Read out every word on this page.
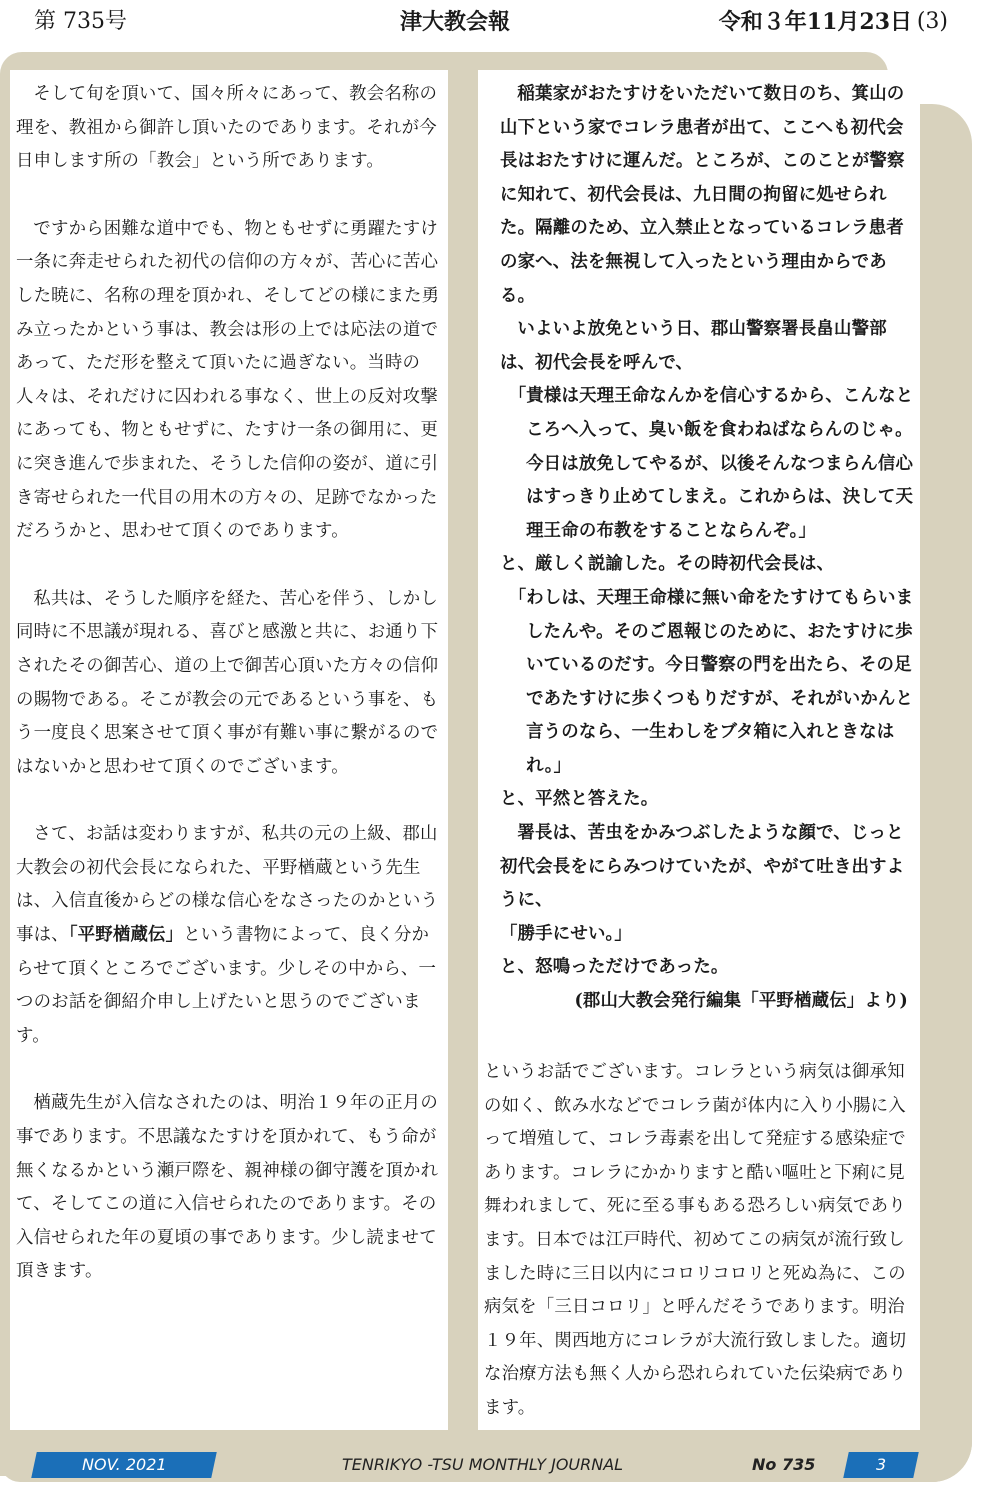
第 735号	津大教会報	令和３年11月23日 (3)

そして旬を頂いて、国々所々にあって、教会名称の理を、教祖から御許し頂いたのであります。それが今日申します所の「教会」という所であります。

ですから困難な道中でも、物ともせずに勇躍たすけ一条に奔走せられた初代の信仰の方々が、苦心に苦心した暁に、名称の理を頂かれ、そしてどの様にまた勇み立ったかという事は、教会は形の上では応法の道であって、ただ形を整えて頂いたに過ぎない。当時の人々は、それだけに囚われる事なく、世上の反対攻撃にあっても、物ともせずに、たすけ一条の御用に、更に突き進んで歩まれた、そうした信仰の姿が、道に引き寄せられた一代目の用木の方々の、足跡でなかっただろうかと、思わせて頂くのであります。

私共は、そうした順序を経た、苦心を伴う、しかし同時に不思議が現れる、喜びと感激と共に、お通り下されたその御苦心、道の上で御苦心頂いた方々の信仰の賜物である。そこが教会の元であるという事を、もう一度良く思案させて頂く事が有難い事に繋がるのではないかと思わせて頂くのでございます。

さて、お話は変わりますが、私共の元の上級、郡山大教会の初代会長になられた、平野楢蔵という先生は、入信直後からどの様な信心をなさったのかという事は、「平野楢蔵伝」という書物によって、良く分からせて頂くところでございます。少しその中から、一つのお話を御紹介申し上げたいと思うのでございます。

楢蔵先生が入信なされたのは、明治１９年の正月の事であります。不思議なたすけを頂かれて、もう命が無くなるかという瀬戸際を、親神様の御守護を頂かれて、そしてこの道に入信せられたのであります。その入信せられた年の夏頃の事であります。少し読ませて頂きます。

稲葉家がおたすけをいただいて数日のち、箕山の山下という家でコレラ患者が出て、ここへも初代会長はおたすけに運んだ。ところが、このことが警察に知れて、初代会長は、九日間の拘留に処せられた。隔離のため、立入禁止となっているコレラ患者の家へ、法を無視して入ったという理由からである。

いよいよ放免という日、郡山警察署長畠山警部は、初代会長を呼んで、

「貴様は天理王命なんかを信心するから、こんなところへ入って、臭い飯を食わねばならんのじゃ。今日は放免してやるが、以後そんなつまらん信心はすっきり止めてしまえ。これからは、決して天理王命の布教をすることならんぞ。」

と、厳しく説諭した。その時初代会長は、

「わしは、天理王命様に無い命をたすけてもらいましたんや。そのご恩報じのために、おたすけに歩いているのだす。今日警察の門を出たら、その足であたすけに歩くつもりだすが、それがいかんと言うのなら、一生わしをブタ箱に入れときなはれ。」

と、平然と答えた。

署長は、苦虫をかみつぶしたような顔で、じっと初代会長をにらみつけていたが、やがて吐き出すように、

「勝手にせい。」

と、怒鳴っただけであった。

(郡山大教会発行編集「平野楢蔵伝」より)

というお話でございます。コレラという病気は御承知の如く、飲み水などでコレラ菌が体内に入り小腸に入って増殖して、コレラ毒素を出して発症する感染症であります。コレラにかかりますと酷い嘔吐と下痢に見舞われまして、死に至る事もある恐ろしい病気であります。日本では江戸時代、初めてこの病気が流行致しました時に三日以内にコロリコロリと死ぬ為に、この病気を「三日コロリ」と呼んだそうであります。明治１９年、関西地方にコレラが大流行致しました。適切な治療方法も無く人から恐れられていた伝染病であります。

NOV. 2021	TENRIKYO -TSU MONTHLY JOURNAL	No 735	3
